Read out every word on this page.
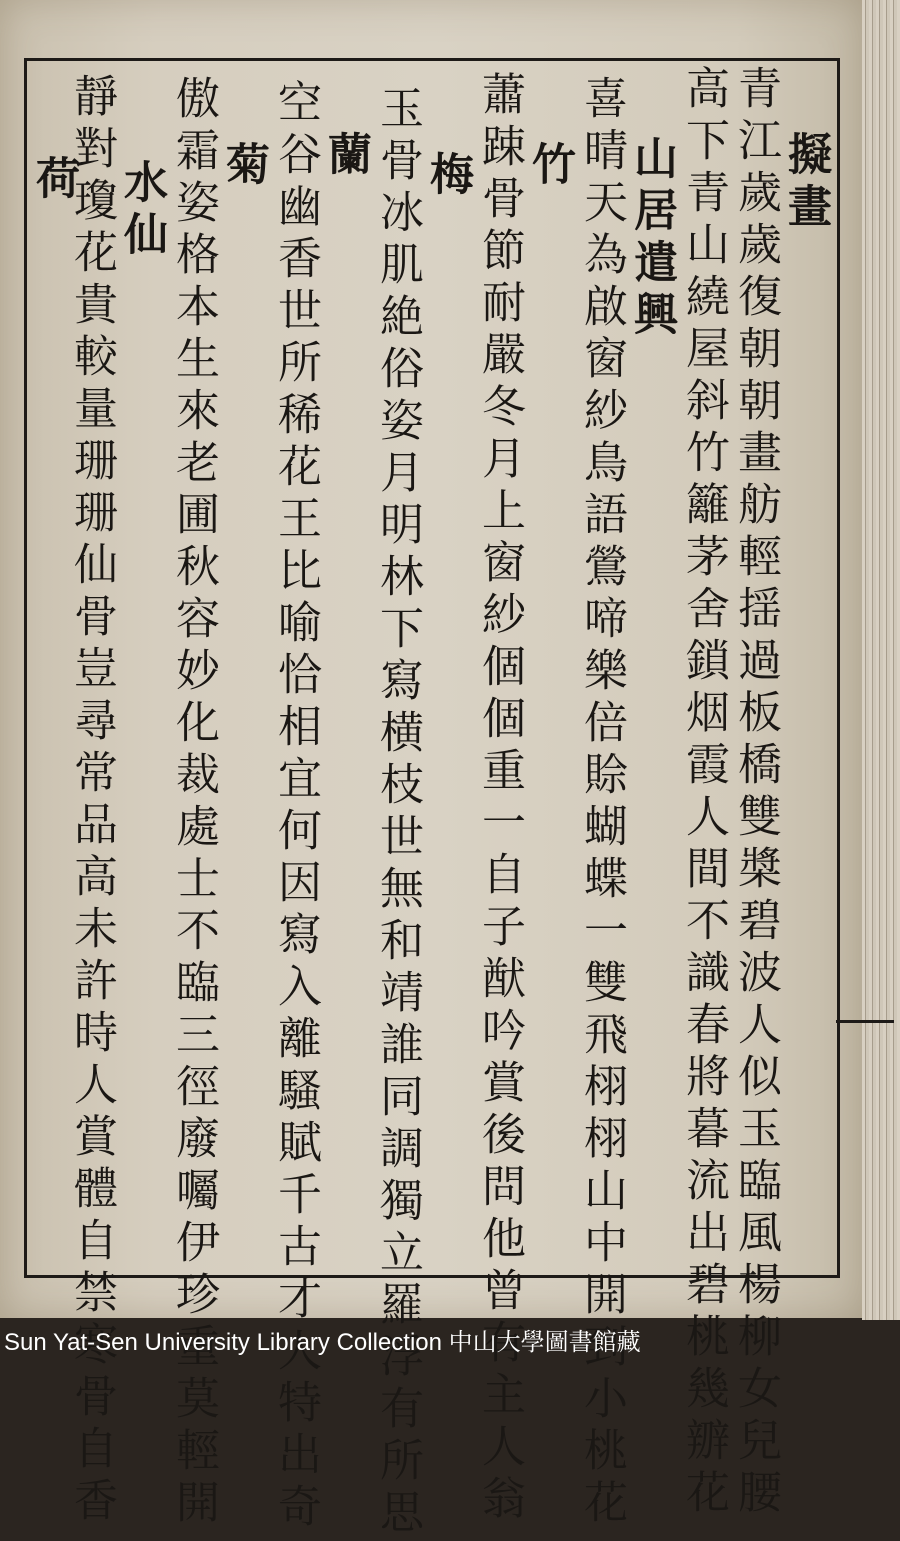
擬畫
青江歲歲復朝朝畫舫輕揺過板橋雙槳碧波人似玉臨風楊柳女兒腰
高下青山繞屋斜竹籬茅舍鎖烟霞人間不識春將暮流出碧桃幾辧花
山居遣興
喜晴天為啟窗紗鳥語鶯啼樂倍賒蝴蝶一雙飛栩栩山中開到小桃花
竹
蕭踈骨節耐嚴冬月上窗紗個個重一自子猷吟賞後問他曾有主人翁
梅
玉骨冰肌絶俗姿月明林下寫横枝世無和靖誰同調獨立羅浮有所思
蘭
空谷幽香世所稀花王比喻恰相宜何因寫入離騷賦千古才人特出奇
菊
傲霜姿格本生來老圃秋容妙化裁處士不臨三徑廢囑伊珍重莫輕開
水仙
靜對瓊花貴較量珊珊仙骨豈尋常品高未許時人賞體自禁寒骨自香
荷
Sun Yat-Sen University Library Collection 中山大學圖書館藏
